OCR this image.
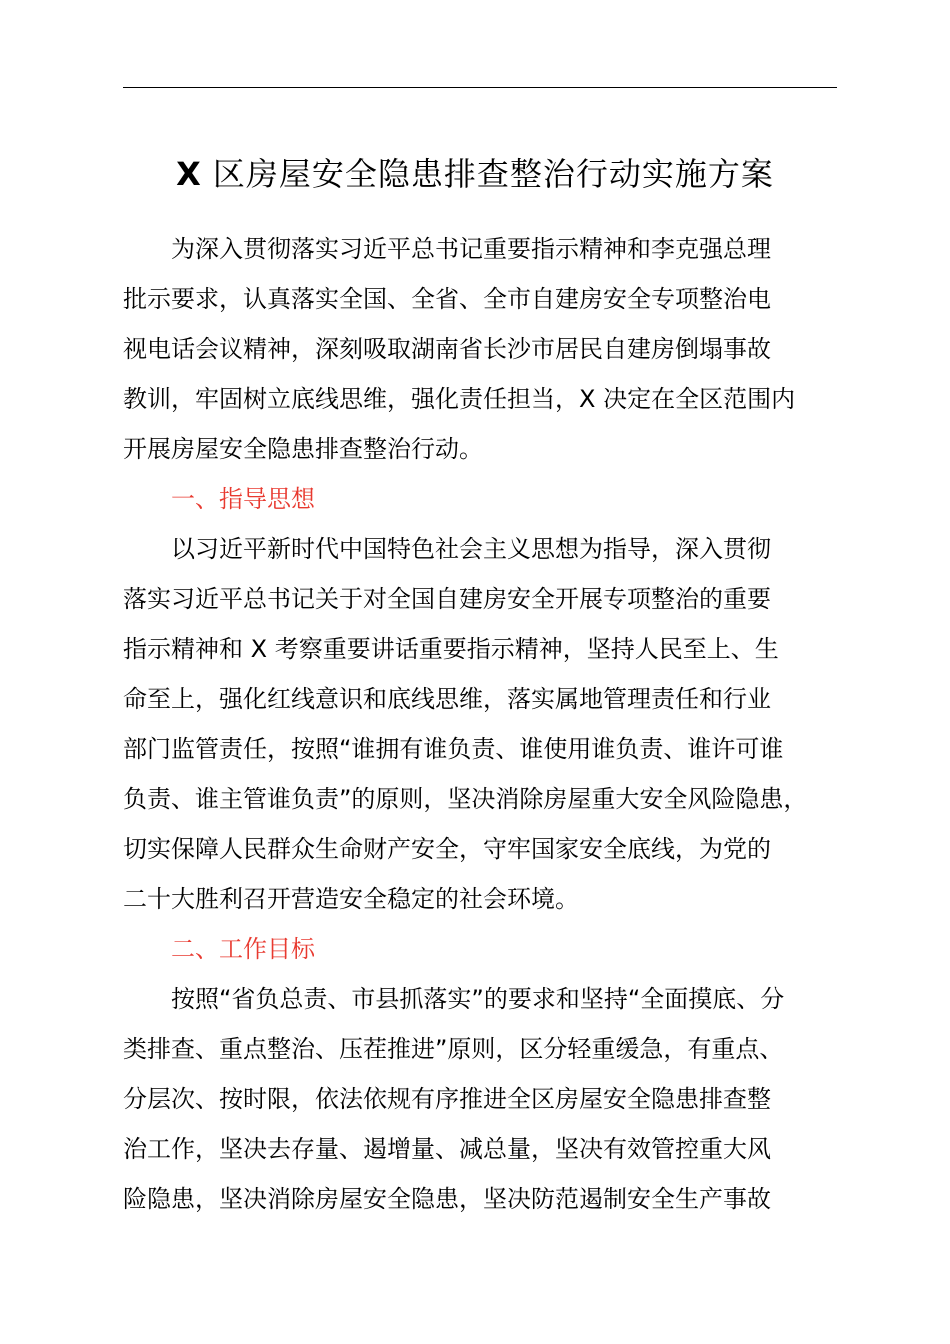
X 区房屋安全隐患排查整治行动实施方案
为深入贯彻落实习近平总书记重要指示精神和李克强总理
批示要求，认真落实全国、全省、全市自建房安全专项整治电
视电话会议精神，深刻吸取湖南省长沙市居民自建房倒塌事故
教训，牢固树立底线思维，强化责任担当，X 决定在全区范围内
开展房屋安全隐患排查整治行动。
一、指导思想
以习近平新时代中国特色社会主义思想为指导，深入贯彻
落实习近平总书记关于对全国自建房安全开展专项整治的重要
指示精神和 X 考察重要讲话重要指示精神，坚持人民至上、生
命至上，强化红线意识和底线思维，落实属地管理责任和行业
部门监管责任，按照“谁拥有谁负责、谁使用谁负责、谁许可谁
负责、谁主管谁负责”的原则，坚决消除房屋重大安全风险隐患，
切实保障人民群众生命财产安全，守牢国家安全底线，为党的
二十大胜利召开营造安全稳定的社会环境。
二、工作目标
按照“省负总责、市县抓落实”的要求和坚持“全面摸底、分
类排查、重点整治、压茬推进”原则，区分轻重缓急，有重点、
分层次、按时限，依法依规有序推进全区房屋安全隐患排查整
治工作，坚决去存量、遏增量、减总量，坚决有效管控重大风
险隐患，坚决消除房屋安全隐患，坚决防范遏制安全生产事故
